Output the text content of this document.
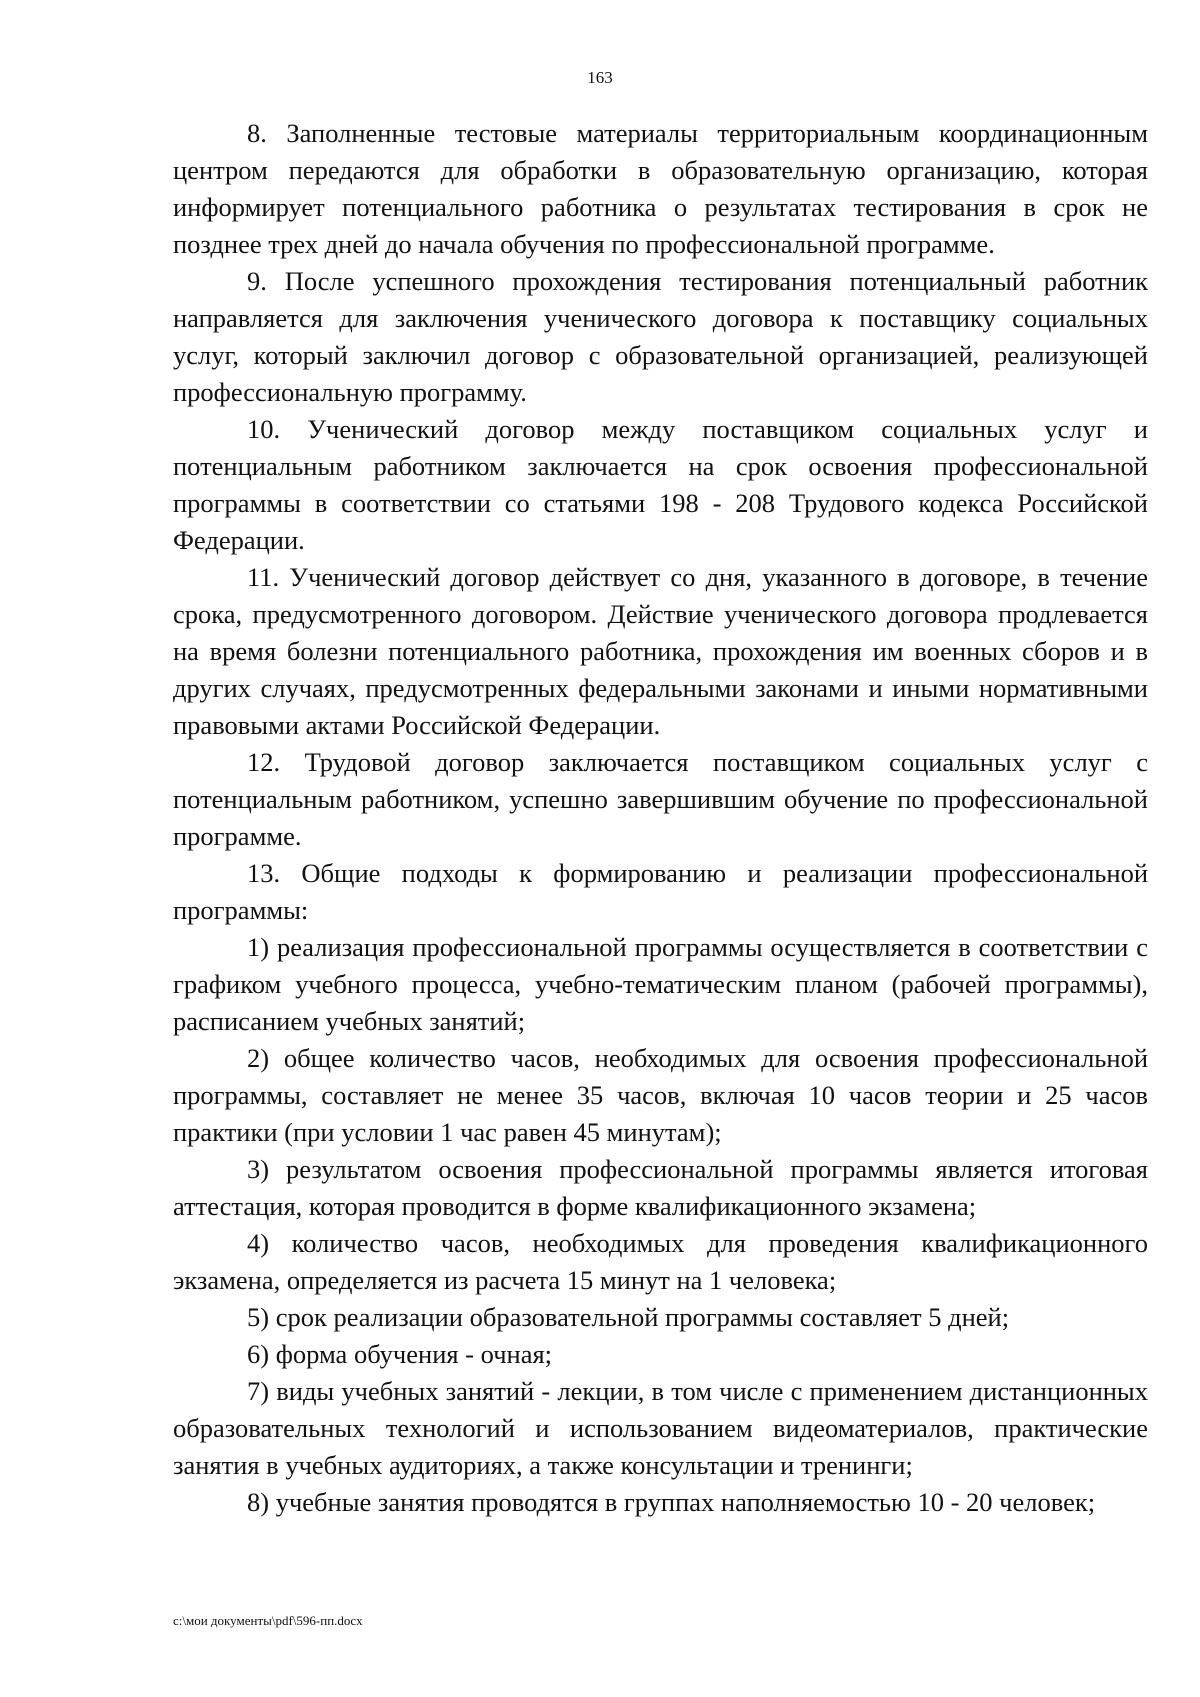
163

8. Заполненные тестовые материалы территориальным координационным центром передаются для обработки в образовательную организацию, которая информирует потенциального работника о результатах тестирования в срок не позднее трех дней до начала обучения по профессиональной программе.

9. После успешного прохождения тестирования потенциальный работник направляется для заключения ученического договора к поставщику социальных услуг, который заключил договор с образовательной организацией, реализующей профессиональную программу.

10. Ученический договор между поставщиком социальных услуг и потенциальным работником заключается на срок освоения профессиональной программы в соответствии со статьями 198 - 208 Трудового кодекса Российской Федерации.

11. Ученический договор действует со дня, указанного в договоре, в течение срока, предусмотренного договором. Действие ученического договора продлевается на время болезни потенциального работника, прохождения им военных сборов и в других случаях, предусмотренных федеральными законами и иными нормативными правовыми актами Российской Федерации.

12. Трудовой договор заключается поставщиком социальных услуг с потенциальным работником, успешно завершившим обучение по профессиональной программе.

13. Общие подходы к формированию и реализации профессиональной программы:

1) реализация профессиональной программы осуществляется в соответствии с графиком учебного процесса, учебно-тематическим планом (рабочей программы), расписанием учебных занятий;

2) общее количество часов, необходимых для освоения профессиональной программы, составляет не менее 35 часов, включая 10 часов теории и 25 часов практики (при условии 1 час равен 45 минутам);

3) результатом освоения профессиональной программы является итоговая аттестация, которая проводится в форме квалификационного экзамена;

4) количество часов, необходимых для проведения квалификационного экзамена, определяется из расчета 15 минут на 1 человека;

5) срок реализации образовательной программы составляет 5 дней;

6) форма обучения - очная;

7) виды учебных занятий - лекции, в том числе с применением дистанционных образовательных технологий и использованием видеоматериалов, практические занятия в учебных аудиториях, а также консультации и тренинги;

8) учебные занятия проводятся в группах наполняемостью 10 - 20 человек;

c:\мои документы\pdf\596-пп.docx
